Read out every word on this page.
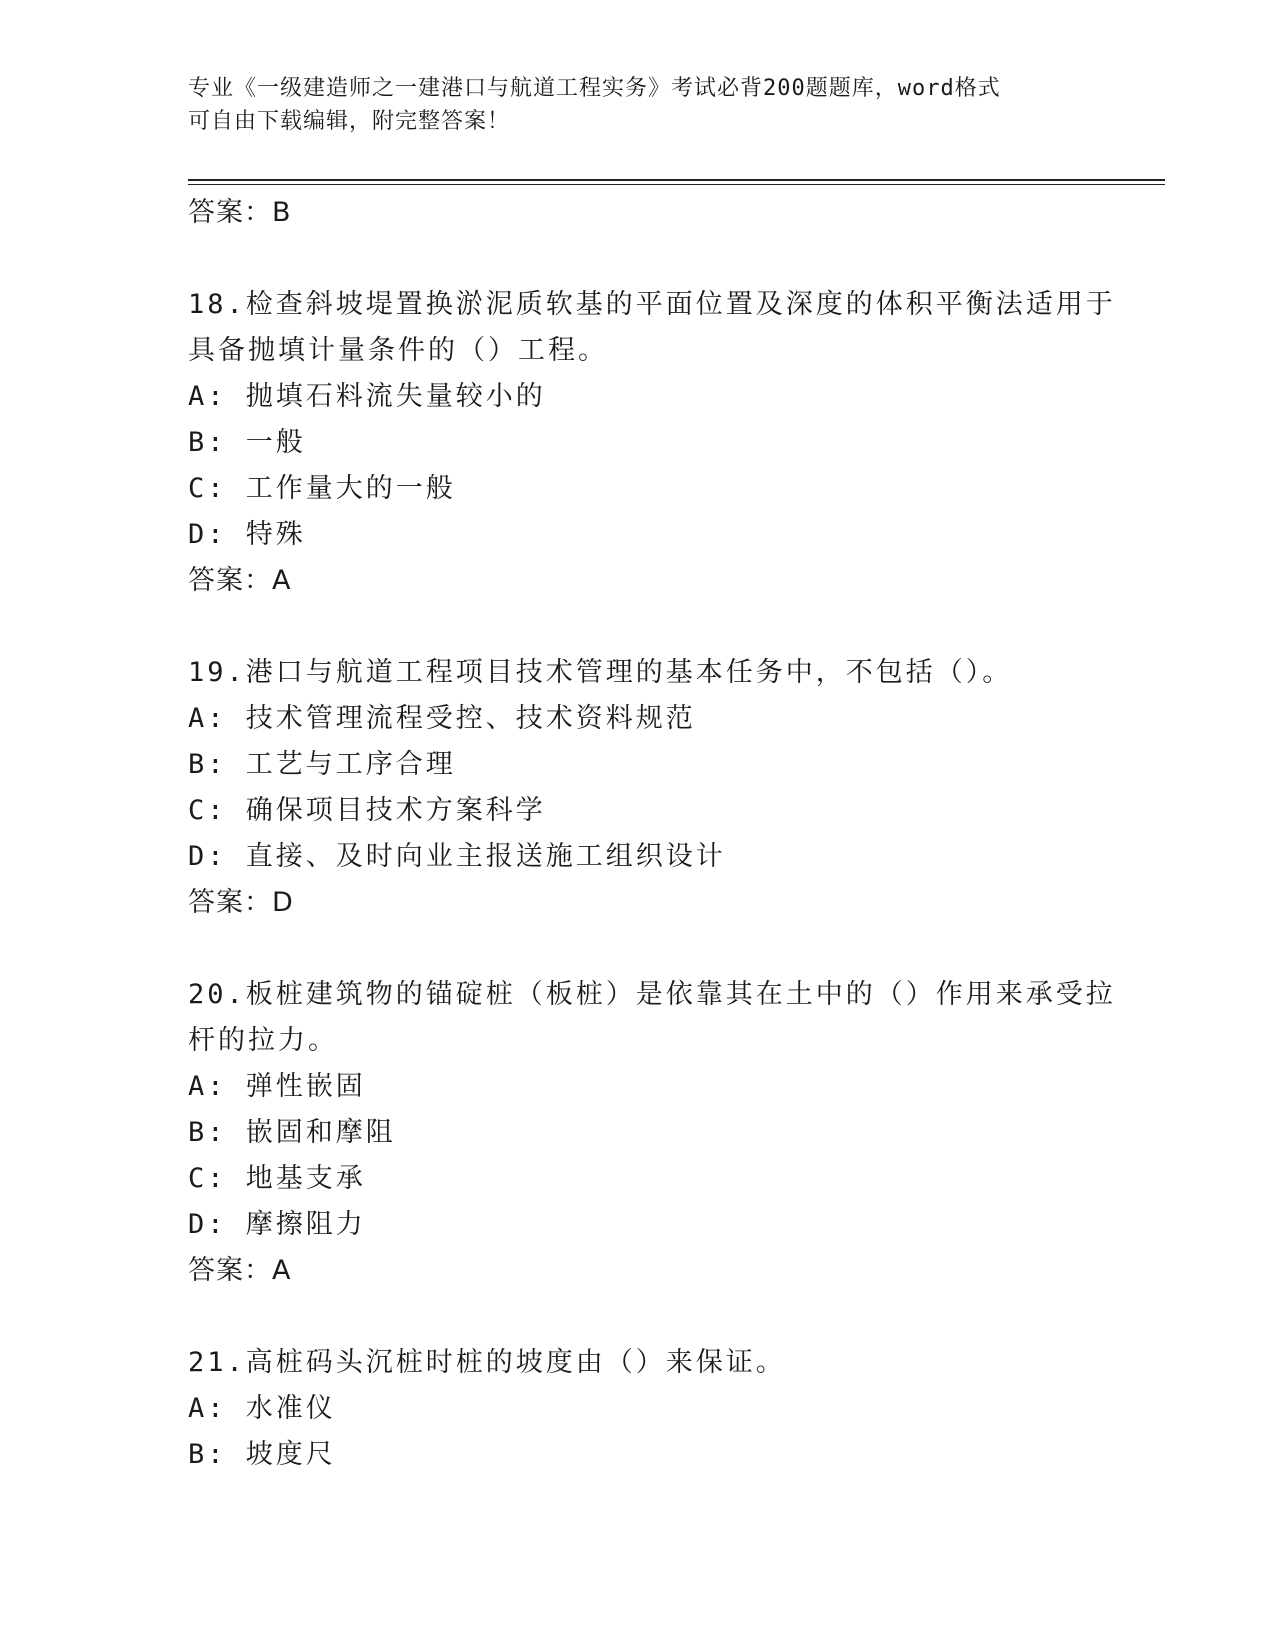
专业《一级建造师之一建港口与航道工程实务》考试必背200题题库，word格式
可自由下载编辑，附完整答案！
答案：B
18.检查斜坡堤置换淤泥质软基的平面位置及深度的体积平衡法适用于
具备抛填计量条件的（）工程。
A: 抛填石料流失量较小的
B: 一般
C: 工作量大的一般
D: 特殊
答案：A
19.港口与航道工程项目技术管理的基本任务中，不包括（）。
A: 技术管理流程受控、技术资料规范
B: 工艺与工序合理
C: 确保项目技术方案科学
D: 直接、及时向业主报送施工组织设计
答案：D
20.板桩建筑物的锚碇桩（板桩）是依靠其在土中的（）作用来承受拉
杆的拉力。
A: 弹性嵌固
B: 嵌固和摩阻
C: 地基支承
D: 摩擦阻力
答案：A
21.高桩码头沉桩时桩的坡度由（）来保证。
A: 水准仪
B: 坡度尺
